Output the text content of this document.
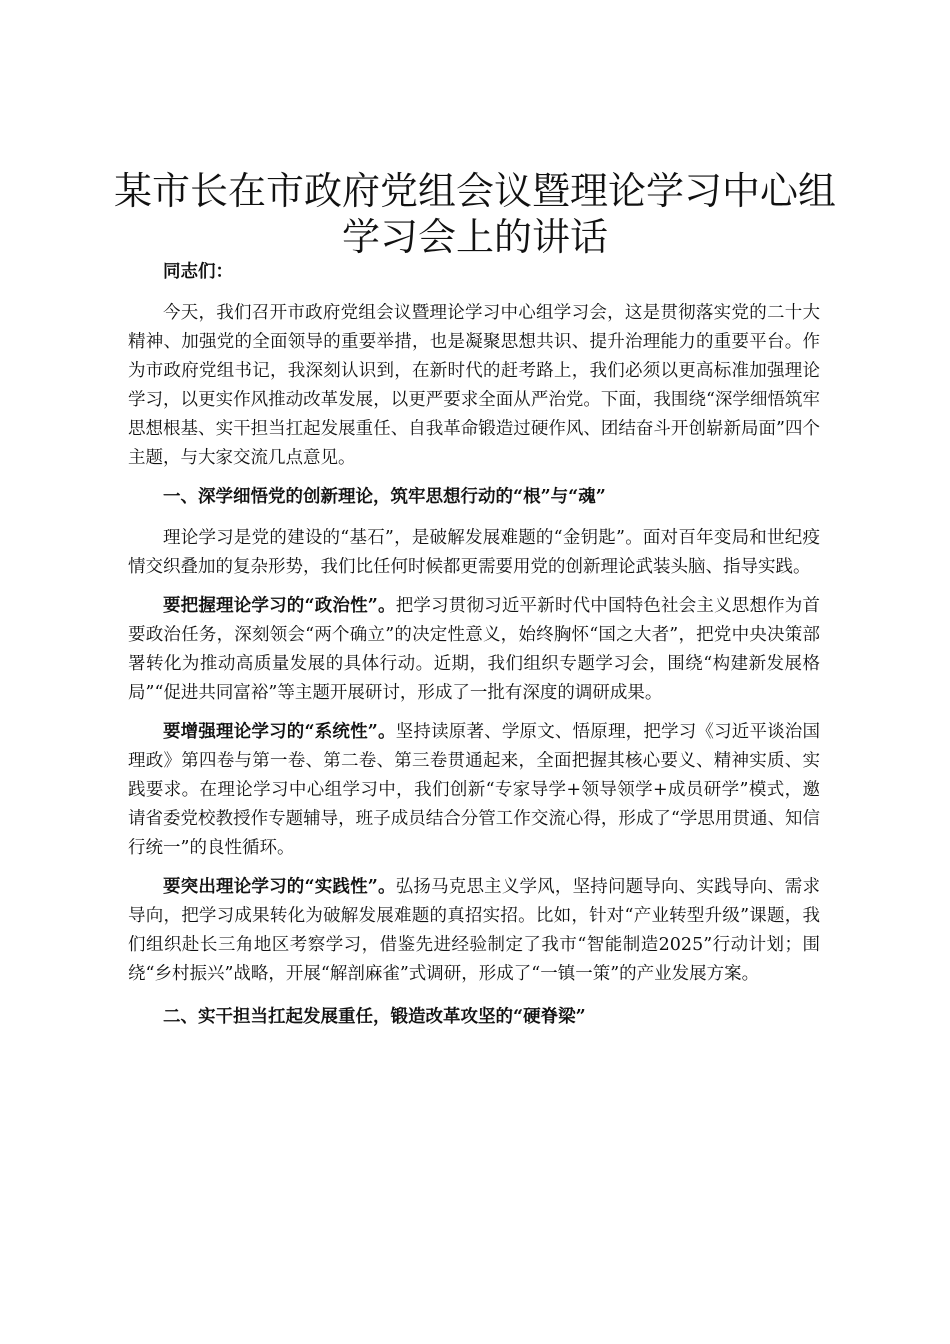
某市长在市政府党组会议暨理论学习中心组学习会上的讲话

同志们：

今天，我们召开市政府党组会议暨理论学习中心组学习会，这是贯彻落实党的二十大精神、加强党的全面领导的重要举措，也是凝聚思想共识、提升治理能力的重要平台。作为市政府党组书记，我深刻认识到，在新时代的赶考路上，我们必须以更高标准加强理论学习，以更实作风推动改革发展，以更严要求全面从严治党。下面，我围绕“深学细悟筑牢思想根基、实干担当扛起发展重任、自我革命锻造过硬作风、团结奋斗开创崭新局面”四个主题，与大家交流几点意见。

一、深学细悟党的创新理论，筑牢思想行动的“根”与“魂”

理论学习是党的建设的“基石”，是破解发展难题的“金钥匙”。面对百年变局和世纪疫情交织叠加的复杂形势，我们比任何时候都更需要用党的创新理论武装头脑、指导实践。

要把握理论学习的“政治性”。把学习贯彻习近平新时代中国特色社会主义思想作为首要政治任务，深刻领会“两个确立”的决定性意义，始终胸怀“国之大者”，把党中央决策部署转化为推动高质量发展的具体行动。近期，我们组织专题学习会，围绕“构建新发展格局”“促进共同富裕”等主题开展研讨，形成了一批有深度的调研成果。

要增强理论学习的“系统性”。坚持读原著、学原文、悟原理，把学习《习近平谈治国理政》第四卷与第一卷、第二卷、第三卷贯通起来，全面把握其核心要义、精神实质、实践要求。在理论学习中心组学习中，我们创新“专家导学+领导领学+成员研学”模式，邀请省委党校教授作专题辅导，班子成员结合分管工作交流心得，形成了“学思用贯通、知信行统一”的良性循环。

要突出理论学习的“实践性”。弘扬马克思主义学风，坚持问题导向、实践导向、需求导向，把学习成果转化为破解发展难题的真招实招。比如，针对“产业转型升级”课题，我们组织赴长三角地区考察学习，借鉴先进经验制定了我市“智能制造2025”行动计划；围绕“乡村振兴”战略，开展“解剖麻雀”式调研，形成了“一镇一策”的产业发展方案。

二、实干担当扛起发展重任，锻造改革攻坚的“硬脊梁”
